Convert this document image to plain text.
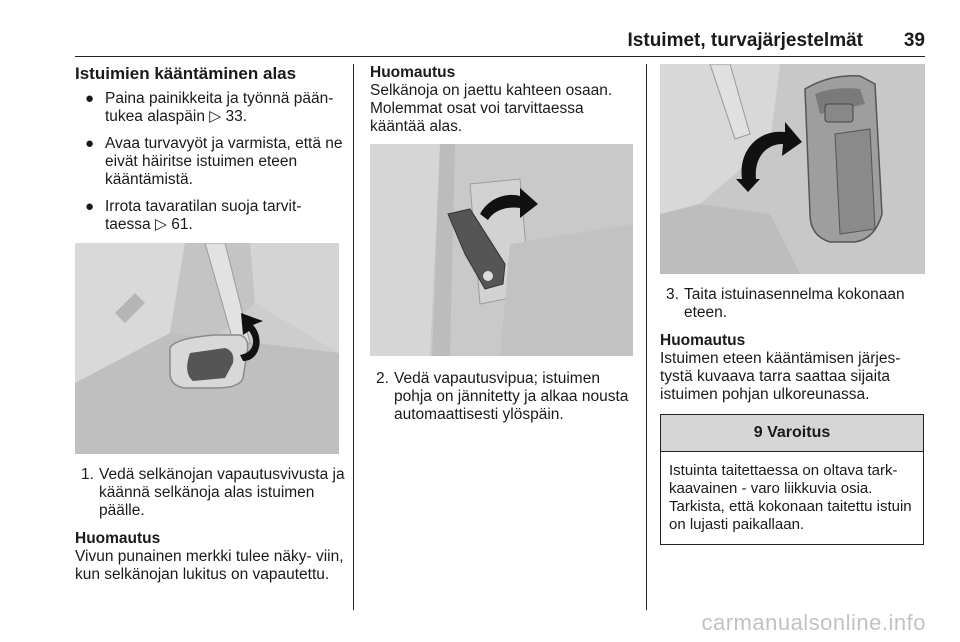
Istuimet, turvajärjestelmät 39
Istuimien kääntäminen alas
● Paina painikkeita ja työnnä pään- tukea alaspäin ▷ 33.
● Avaa turvavyöt ja varmista, että ne eivät häiritse istuimen eteen kääntämistä.
● Irrota tavaratilan suoja tarvit- taessa ▷ 61.
1. Vedä selkänojan vapautusvivusta ja käännä selkänoja alas istuimen päälle.
Huomautus
Vivun punainen merkki tulee näky- viin, kun selkänojan lukitus on vapautettu.
Huomautus
Selkänoja on jaettu kahteen osaan. Molemmat osat voi tarvittaessa kääntää alas.
2. Vedä vapautusvipua; istuimen pohja on jännitetty ja alkaa nousta automaattisesti ylöspäin.
3. Taita istuinasennelma kokonaan eteen.
Huomautus
Istuimen eteen kääntämisen järjes- tystä kuvaava tarra saattaa sijaita istuimen pohjan ulkoreunassa.
9 Varoitus
Istuinta taitettaessa on oltava tark- kaavainen - varo liikkuvia osia. Tarkista, että kokonaan taitettu istuin on lujasti paikallaan.
carmanualsonline.info
